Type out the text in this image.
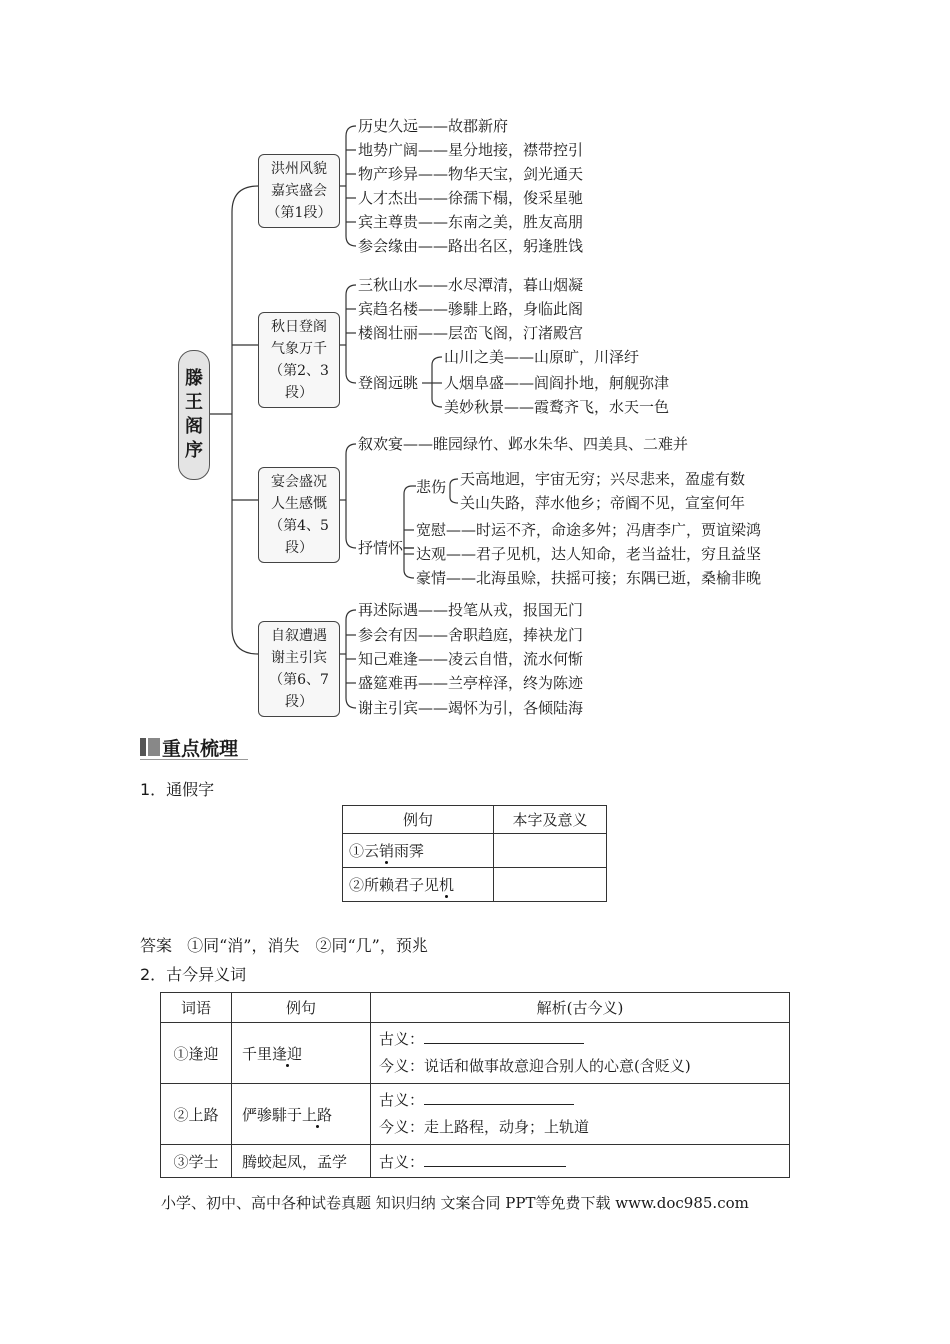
滕
王
阁
序
洪州风貌
嘉宾盛会
（第1段）
秋日登阁
气象万千
（第2、3段）
宴会盛况
人生感慨
（第4、5段）
自叙遭遇
谢主引宾
（第6、7段）
历史久远——故郡新府
地势广阔——星分地接，襟带控引
物产珍异——物华天宝，剑光通天
人才杰出——徐孺下榻，俊采星驰
宾主尊贵——东南之美，胜友高朋
参会缘由——路出名区，躬逢胜饯
三秋山水——水尽潭清，暮山烟凝
宾趋名楼——骖騑上路，身临此阁
楼阁壮丽——层峦飞阁，汀渚殿宫
登阁远眺
山川之美——山原旷，川泽纡
人烟阜盛——闾阎扑地，舸舰弥津
美妙秋景——霞鹜齐飞，水天一色
叙欢宴——睢园绿竹、邺水朱华、四美具、二难并
抒情怀
悲伤 天高地迥，宇宙无穷；兴尽悲来，盈虚有数
关山失路，萍水他乡；帝阍不见，宣室何年
宽慰——时运不齐，命途多舛；冯唐李广，贾谊梁鸿
达观——君子见机，达人知命，老当益壮，穷且益坚
豪情——北海虽赊，扶摇可接；东隅已逝，桑榆非晚
再述际遇——投笔从戎，报国无门
参会有因——舍职趋庭，捧袂龙门
知己难逢——凌云自惜，流水何惭
盛筵难再——兰亭梓泽，终为陈迹
谢主引宾——竭怀为引，各倾陆海
重点梳理
1．通假字
例句	本字及意义
①云销雨霁	
②所赖君子见机	
答案 ①同“消”，消失　②同“几”，预兆
2．古今异义词
词语	例句	解析(古今义)
①逢迎	千里逢迎	古义：
今义：说话和做事故意迎合别人的心意(含贬义)

②上路	俨骖騑于上路	古义：
今义：走上路程，动身；上轨道

③学士	腾蛟起凤，孟学	古义：
小学、初中、高中各种试卷真题 知识归纳 文案合同 PPT等免费下载 www.doc985.com
